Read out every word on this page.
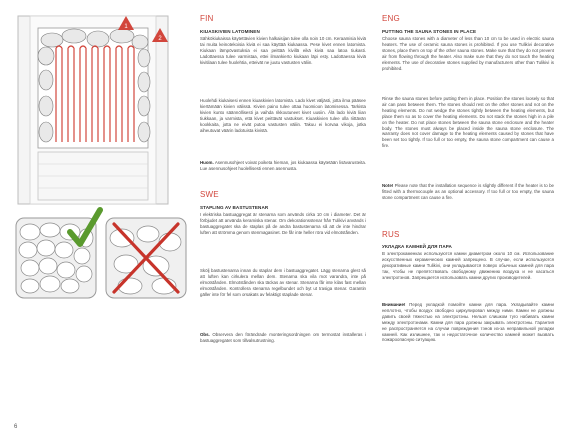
1
2
FIN
KIUASKIVIEN LATOMINEN

Sähkökiukaissa käytettävien kivien halkaisijan tulee olla noin 10 cm. Keraamisia kiviä tai muita keinotekoisia kiviä ei saa käyttää kiukaassa. Pese kivet ennen latomista. Kiukaan lämpövastuksia ei saa peittää kivillä eikä kiviä saa latoa tiukasti. Ladottaessa tulee varmistaa, ettei ilmankierto kiukaan läpi esty. Ladottaessa kiviä kivitilaan tulee huolehtia, etteivät ne juutu vastusten väliin.

Huolehdi kiukaisesi ennen kiuaskivien latomista. Lado kivet väljästi, jotta ilma pääsee kiertämään kivien välissä. Kivien paino tulee ottaa huomioon latomisessa. Tarkista kivien kunto säännöllisesti ja vaihda rikkoutuneet kivet uusiin. Älä lado kiviä liian tiukkaan, ja varmista, että kivet peittävät vastukset. Kiuaskivien tulee olla riittävän kookkaita, jotta ne eivät putoa vastusten väliin. Takuu ei korvaa vikoja, jotka aiheutuvat väärin ladotuista kivistä.

Huom. Asennusohjeet voivat poiketa hieman, jos kiukaassa käytetään lisävarusteita. Lue asennusohjeet huolellisesti ennen asennusta.

SWE
STAPLING AV BASTUSTENAR

I elektriska bastuaggregat är stenarna som används cirka 10 cm i diameter. Det är förbjudet att använda keramiska stenar. Om dekorationsstenar från Tulikivi används i bastuaggregatet ska de staplas på de andra bastustenarna så att de inte hindrar luften att strömma genom stenmagasinet. De får inte heller röra vid elmotstånden.

Skölj bastustenarna innan du staplar dem i bastuaggregatet. Lägg stenarna glest så att luften kan cirkulera mellan dem. Stenarna ska vila mot varandra, inte på elmotstånden. Elmotstånden ska täckas av stenar. Stenarna får inte kilas fast mellan elmotstånden. Kontrollera stenarna regelbundet och byt ut trasiga stenar. Garantin gäller inte för fel som orsakats av felaktigt staplade stenar.

Obs. Observera den förändrade monteringsordningen om termostat installeras i bastuaggregatet som tillvalsutrustning.

ENG
PUTTING THE SAUNA STONES IN PLACE

Choose sauna stones with a diameter of less than 10 cm to be used in electric sauna heaters. The use of ceramic sauna stones is prohibited. If you use Tulikivi decorative stones, place them on top of the other sauna stones. Make sure that they do not prevent air from flowing through the heater. Also make sure that they do not touch the heating elements. The use of decorative stones supplied by manufacturers other than Tulikivi is prohibited.

Rinse the sauna stones before putting them in place. Position the stones loosely so that air can pass between them. The stones should rest on the other stones and not on the heating elements. Do not wedge the stones tightly between the heating elements, but place them so as to cover the heating elements. Do not stack the stones high in a pile on the heater. Do not place stones between the sauna stone enclosure and the heater body. The stones must always be placed inside the sauna stone enclosure. The warranty does not cover damage to the heating elements caused by stones that have been set too tightly. If too full or too empty, the sauna stone compartment can cause a fire.

Note! Please note that the installation sequence is slightly different if the heater is to be fitted with a thermocouple as an optional accessory. If too full or too empty, the sauna stone compartment can cause a fire.

RUS
УКЛАДКА КАМНЕЙ ДЛЯ ПАРА

В электрокаменках используются камни диаметром около 10 см. Использование искусственных керамических камней запрещено. В случае, если используются декоративные камни Tulikivi, они укладываются поверх обычных камней для пара так, чтобы не препятствовать свободному движению воздуха и не касаться электротэнов. Запрещается использовать камни других производителей.

Внимание! Перед укладкой помойте камни для пара. Укладывайте камни неплотно, чтобы воздух свободно циркулировал между ними. Камни не должны давить своей тяжестью на электротэны. Нельзя слишком туго набивать камни между электротэнами. Камни для пара должны закрывать электротэны. Гарантия не распространяется на случаи повреждения тэнов из-за неправильной укладки камней. Как излишнее, так и недостаточное количество камней может вызвать пожароопасную ситуацию.

6
